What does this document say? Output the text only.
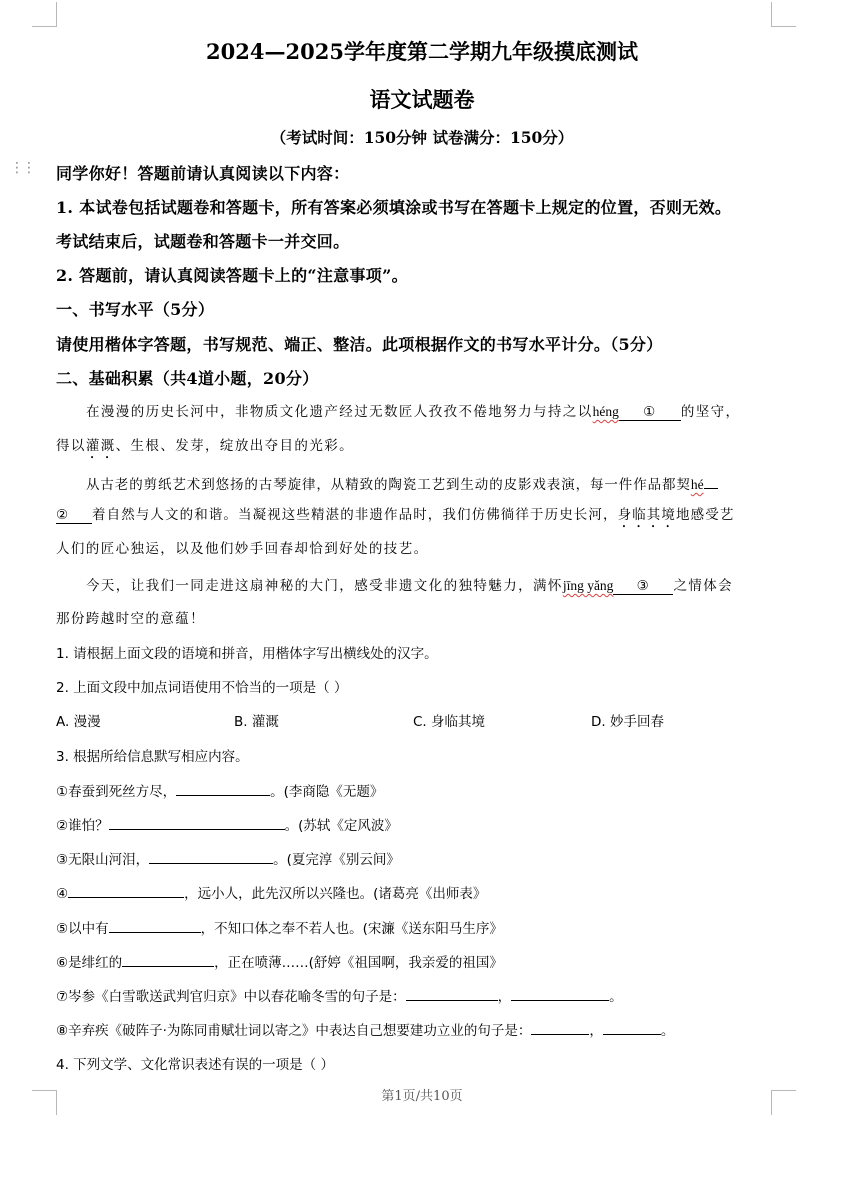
⋮⋮
2024—2025学年度第二学期九年级摸底测试
语文试题卷
（考试时间：150分钟 试卷满分：150分）
同学你好！答题前请认真阅读以下内容：
1. 本试卷包括试题卷和答题卡，所有答案必须填涂或书写在答题卡上规定的位置，否则无效。
考试结束后，试题卷和答题卡一并交回。
2. 答题前，请认真阅读答题卡上的“注意事项”。
一、书写水平（5分）
请使用楷体字答题，书写规范、端正、整洁。此项根据作文的书写水平计分。（5分）
二、基础积累（共4道小题，20分）
在漫漫的历史长河中，非物质文化遗产经过无数匠人孜孜不倦地努力与持之以héng ① 的坚守，
得以灌溉、生根、发芽，绽放出夺目的光彩。
从古老的剪纸艺术到悠扬的古琴旋律，从精致的陶瓷工艺到生动的皮影戏表演，每一件作品都契hé
② 着自然与人文的和谐。当凝视这些精湛的非遗作品时，我们仿佛徜徉于历史长河，身临其境地感受艺
人们的匠心独运，以及他们妙手回春却恰到好处的技艺。
今天，让我们一同走进这扇神秘的大门，感受非遗文化的独特魅力，满怀jīng yǎng ③ 之情体会
那份跨越时空的意蕴！
1. 请根据上面文段的语境和拼音，用楷体字写出横线处的汉字。
2. 上面文段中加点词语使用不恰当的一项是（ ）
A. 漫漫	B. 灌溉	C. 身临其境	D. 妙手回春
3. 根据所给信息默写相应内容。
①春蚕到死丝方尽，	。(李商隐《无题》
②谁怕？	。(苏轼《定风波》
③无限山河泪，	。(夏完淳《别云间》
④	，远小人，此先汉所以兴隆也。(诸葛亮《出师表》
⑤以中有	，不知口体之奉不若人也。(宋濂《送东阳马生序》
⑥是绯红的	，正在喷薄……(舒婷《祖国啊，我亲爱的祖国》
⑦岑参《白雪歌送武判官归京》中以春花喻冬雪的句子是：	，	。
⑧辛弃疾《破阵子·为陈同甫赋壮词以寄之》中表达自己想要建功立业的句子是：	，	。
4. 下列文学、文化常识表述有误的一项是（ ）
第1页/共10页
